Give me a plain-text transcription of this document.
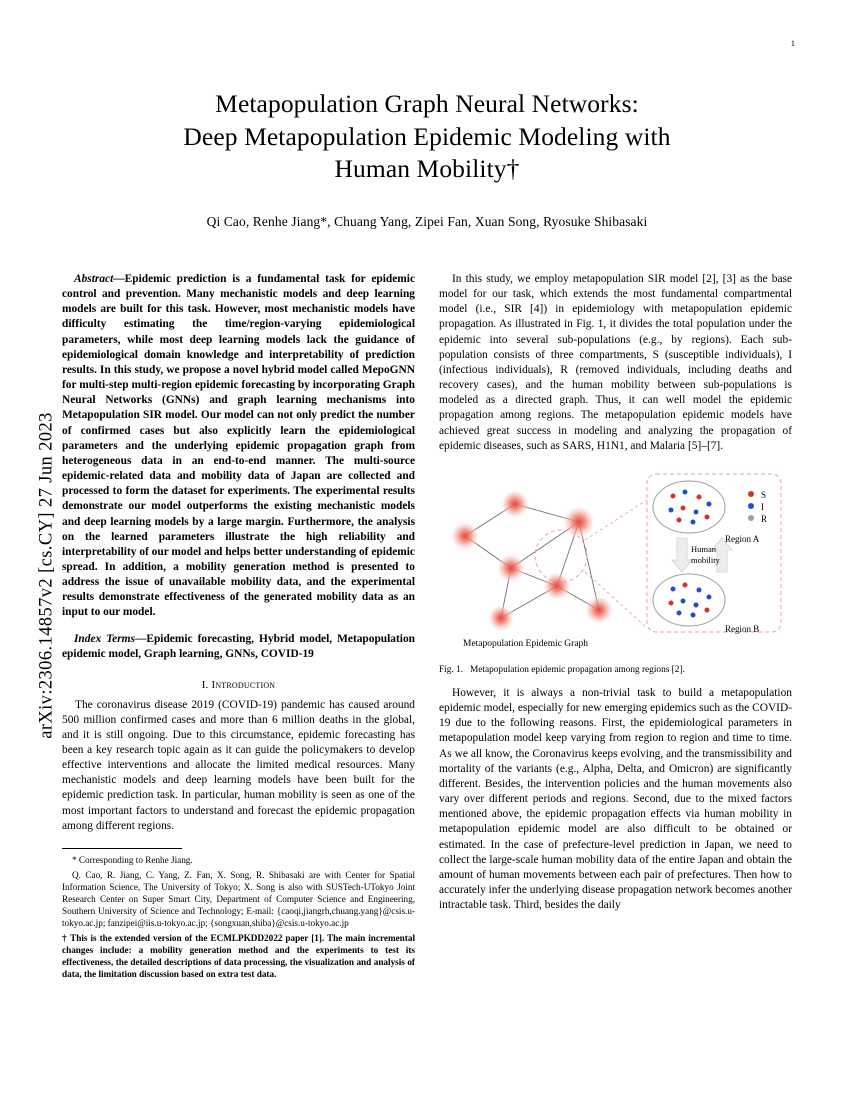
arXiv:2306.14857v2 [cs.CY] 27 Jun 2023
1
Metapopulation Graph Neural Networks:
Deep Metapopulation Epidemic Modeling with
Human Mobility†
Qi Cao, Renhe Jiang*, Chuang Yang, Zipei Fan, Xuan Song, Ryosuke Shibasaki

Abstract—Epidemic prediction is a fundamental task for epidemic control and prevention. Many mechanistic models and deep learning models are built for this task. However, most mechanistic models have difficulty estimating the time/region-varying epidemiological parameters, while most deep learning models lack the guidance of epidemiological domain knowledge and interpretability of prediction results. In this study, we propose a novel hybrid model called MepoGNN for multi-step multi-region epidemic forecasting by incorporating Graph Neural Networks (GNNs) and graph learning mechanisms into Metapopulation SIR model. Our model can not only predict the number of confirmed cases but also explicitly learn the epidemiological parameters and the underlying epidemic propagation graph from heterogeneous data in an end-to-end manner. The multi-source epidemic-related data and mobility data of Japan are collected and processed to form the dataset for experiments. The experimental results demonstrate our model outperforms the existing mechanistic models and deep learning models by a large margin. Furthermore, the analysis on the learned parameters illustrate the high reliability and interpretability of our model and helps better understanding of epidemic spread. In addition, a mobility generation method is presented to address the issue of unavailable mobility data, and the experimental results demonstrate effectiveness of the generated mobility data as an input to our model.

Index Terms—Epidemic forecasting, Hybrid model, Metapopulation epidemic model, Graph learning, GNNs, COVID-19

I. Introduction

The coronavirus disease 2019 (COVID-19) pandemic has caused around 500 million confirmed cases and more than 6 million deaths in the global, and it is still ongoing. Due to this circumstance, epidemic forecasting has been a key research topic again as it can guide the policymakers to develop effective interventions and allocate the limited medical resources. Many mechanistic models and deep learning models have been built for the epidemic prediction task. In particular, human mobility is seen as one of the most important factors to understand and forecast the epidemic propagation among different regions.

* Corresponding to Renhe Jiang.

Q. Cao, R. Jiang, C. Yang, Z. Fan, X. Song, R. Shibasaki are with Center for Spatial Information Science, The University of Tokyo; X. Song is also with SUSTech-UTokyo Joint Research Center on Super Smart City, Department of Computer Science and Engineering, Southern University of Science and Technology; E-mail: {caoqi,jiangrh,chuang.yang}@csis.u-tokyo.ac.jp; fanzipei@iis.u-tokyo.ac.jp; {songxuan,shiba}@csis.u-tokyo.ac.jp

† This is the extended version of the ECMLPKDD2022 paper [1]. The main incremental changes include: a mobility generation method and the experiments to test its effectiveness, the detailed descriptions of data processing, the visualization and analysis of data, the limitation discussion based on extra test data.

In this study, we employ metapopulation SIR model [2], [3] as the base model for our task, which extends the most fundamental compartmental model (i.e., SIR [4]) in epidemiology with metapopulation epidemic propagation. As illustrated in Fig. 1, it divides the total population under the epidemic into several sub-populations (e.g., by regions). Each sub-population consists of three compartments, S (susceptible individuals), I (infectious individuals), R (removed individuals, including deaths and recovery cases), and the human mobility between sub-populations is modeled as a directed graph. Thus, it can well model the epidemic propagation among regions. The metapopulation epidemic models have achieved great success in modeling and analyzing the propagation of epidemic diseases, such as SARS, H1N1, and Malaria [5]–[7].

S
I
R
Region A
Region B
Human
mobility
Metapopulation Epidemic Graph
Fig. 1. Metapopulation epidemic propagation among regions [2].

However, it is always a non-trivial task to build a metapopulation epidemic model, especially for new emerging epidemics such as the COVID-19 due to the following reasons. First, the epidemiological parameters in metapopulation model keep varying from region to region and time to time. As we all know, the Coronavirus keeps evolving, and the transmissibility and mortality of the variants (e.g., Alpha, Delta, and Omicron) are significantly different. Besides, the intervention policies and the human movements also vary over different periods and regions. Second, due to the mixed factors mentioned above, the epidemic propagation effects via human mobility in metapopulation epidemic model are also difficult to be obtained or estimated. In the case of prefecture-level prediction in Japan, we need to collect the large-scale human mobility data of the entire Japan and obtain the amount of human movements between each pair of prefectures. Then how to accurately infer the underlying disease propagation network becomes another intractable task. Third, besides the daily
